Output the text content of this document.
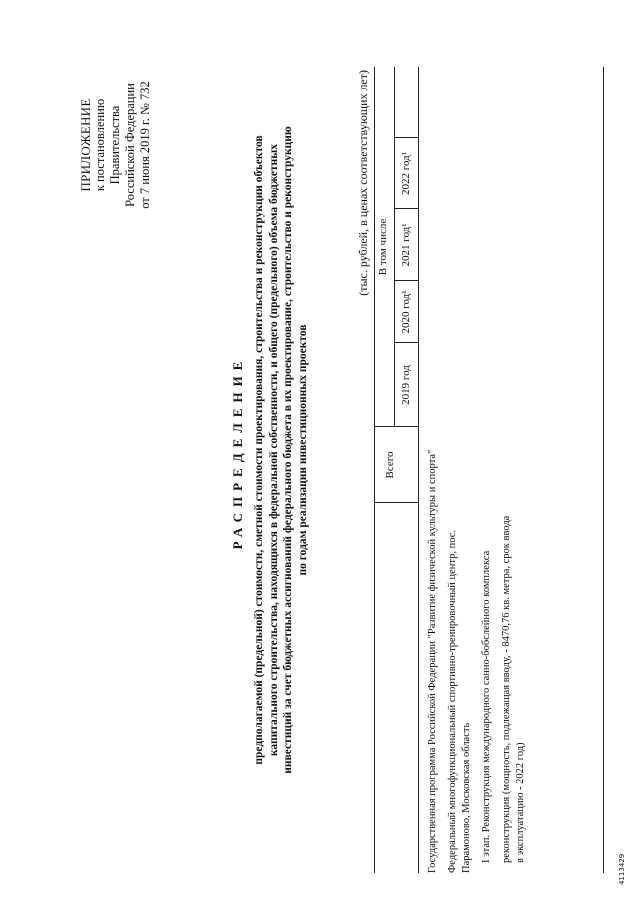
ПРИЛОЖЕНИЕ к постановлению Правительства Российской Федерации от 7 июня 2019 г. № 732
РАСПРЕДЕЛЕНИЕ предполагаемой (предельной) стоимости, сметной стоимости проектирования, строительства и реконструкции объектов капитального строительства, находящихся в федеральной собственности, и общего (предельного) объема бюджетных инвестиций за счет бюджетных ассигнований федерального бюджета в их проектирование, строительство и реконструкцию по годам реализации инвестиционных проектов
(тыс. рублей, в ценах соответствующих лет)
Всего
В том числе
2019 год
2020 год¹
2021 год¹
2022 год¹
Государственная программа Российской Федерации "Развитие физической культуры и спорта" Федеральный многофункциональный спортивно-тренировочный центр, пос. Парамоново, Московская область I этап. Реконструкция международного санно-бобслейного комплекса реконструкция (мощность, подлежащая вводу, - 8470,76 кв. метра, срок ввода в эксплуатацию - 2022 год)

4113429
